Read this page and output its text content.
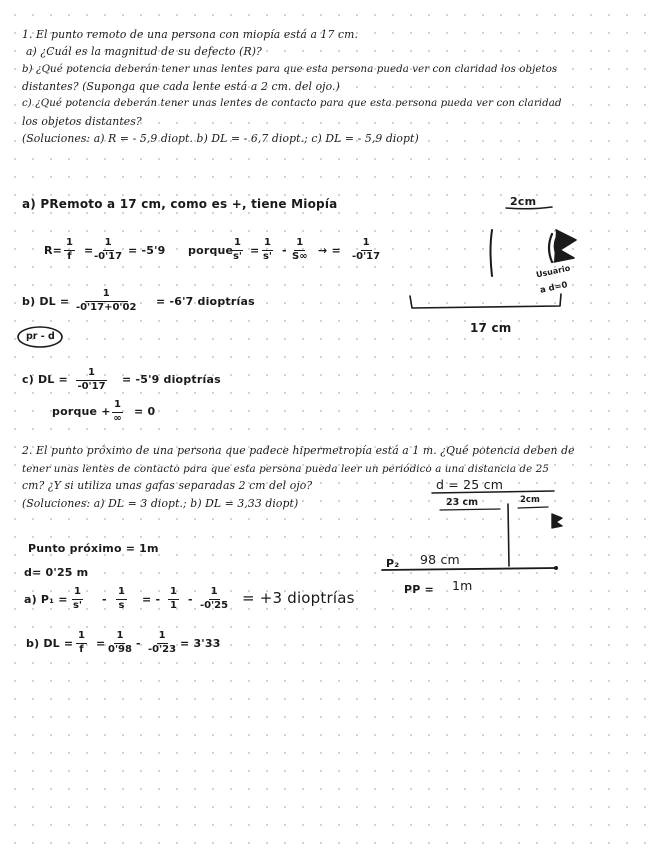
1. El punto remoto de una persona con miopía está a 17 cm.
a) ¿Cuál es la magnitud de su defecto (R)?
b) ¿Qué potencia deberán tener unas lentes para que esta persona pueda ver con claridad los objetos
distantes? (Suponga que cada lente está a 2 cm. del ojo.)
c) ¿Qué potencia deberán tener unas lentes de contacto para que esta persona pueda ver con claridad
los objetos distantes?
(Soluciones: a) R = - 5,9 diopt. b) DL = - 6,7 diopt.; c) DL = - 5,9 diopt)
a) PRemoto a 17 cm, como es +, tiene Miopía
$R= \frac{1}{f} = \frac{1}{-0'17} = -5'9$ porque
$\frac{1}{s'} = \frac{1}{s'} - \frac{1}{S\infty}$ → = $\frac{1}{-0'17}$
b) DL = $\frac{1}{-0'17+0'02} = -6'7$ dioptrías
pr - d
c) DL = $\frac{1}{-0'17} = -5'9$ dioptrías
porque +
1
∞ = 0
2cm
Usuario
a d=0
17 cm
2. El punto próximo de una persona que padece hipermetropía está a 1 m. ¿Qué potencia deben de
tener unas lentes de contacto para que esta persona pueda leer un periódico a una distancia de 25
cm? ¿Y si utiliza unas gafas separadas 2 cm del ojo?
(Soluciones: a) DL = 3 diopt.; b) DL = 3,33 diopt)
Punto próximo = 1m
d= 0'25 m
a) $P_1 = \frac{1}{s'} - \frac{1}{s}$ = - $\frac{1}{1} - \frac{1}{-0'25} = +3$ dioptrías
b) DL = $\frac{1}{f} = \frac{1}{0'98} - \frac{1}{-0'23} = 3'33$
d = 25 cm
23 cm	2cm
P₂ 98 cm
PP = 1m
